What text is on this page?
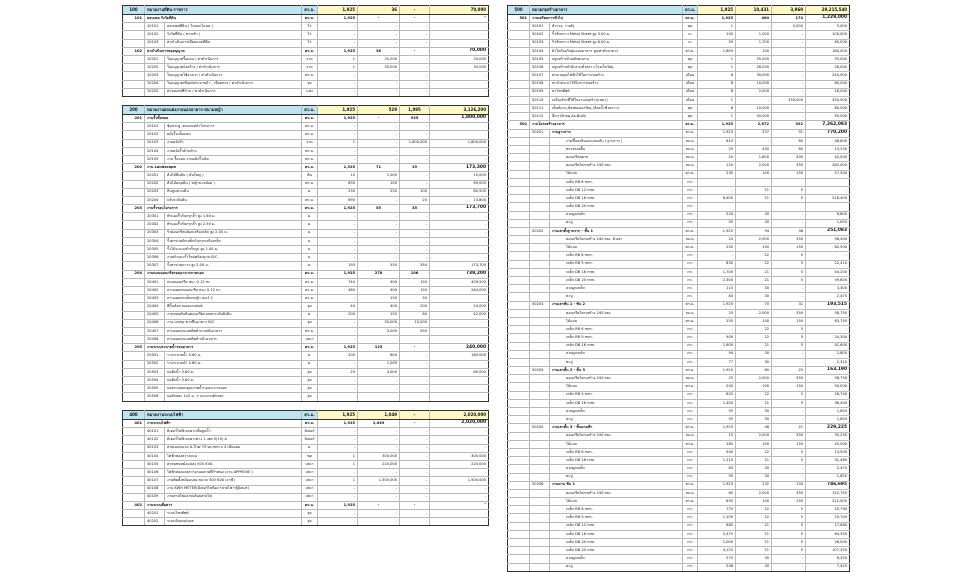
100	หมวดงานที่ดิน-ราชการ		ตร.ม.	1,925	36	-	70,000
101	สอบเขต รังวัดที่ดิน		ตร.ม.	1,925	-	-	-
	10101	สอบเขตที่ดิน ( ไม่ออกโฉนด )	ไร่	-	-	-	-
	10102	รังวัดที่ดิน ( ทางเท้า )	ไร่	-	-	-	-
	10103	ค่าดำเนินการเขียนแบบที่ดิน	ไร่	-	-	-	-
102	ค่าดำเนินการขออนุญาต		ตร.ม.	1,925	36	-	70,000
	10201	ใบอนุญาตรื้อถอน / ค่าดำเนินการ	งาน	1	20,000	-	20,000
	10202	ใบอนุญาตก่อสร้าง / ค่าดำเนินการ	งาน	1	50,000	-	50,000
	10203	ใบอนุญาตใช้อาคาร / ค่าดำเนินการ	ตร.ม.	-	-	-	-
	10204	ใบอนุญาตเชื่อมท่อระบายน้ำ , เชื่อมทาง / ค่าดำเนินการ	จุด	-	-	-	-
	10205	ค่าขอเลขที่บ้าน / ค่าดำเนินการ	แห่ง	-	-	-	-
200	หมวดงานตกแต่งภายนอกอาคาร-สนามหญ้า		ตร.ม.	1,925	529	1,095	3,126,200
201	งานรั้วทั้งหมด		ตร.ม.	1,925	-	935	1,800,000
	20101	ซุ้มประตู ,ตกแต่งหน้าโครงการ	ตร.ม.	-	-	-	-
	20102	ผนังรั้วบล็อกลม	ตร.ม.	-	-	-	-
	20103	งานผนังรั้ว	งาน	1	-	1,800,000	1,800,000
	20104	งานผนังรั้วด้านข้าง	ตร.ม.	-	-	-	-
	20105	งาน รื้อถอน งานผนังรั้วเดิม	ตร.ม.	-	-	-	-
202	งาน Landscape		ตร.ม.	1,925	71	19	173,300
	20201	ต้นไม้ยืนต้น ( ต้นใหญ่ )	ต้น	10	1,000	-	10,000
	20202	ต้นไม้คลุมดิน ( หญ้านวลน้อย )	ตร.ม.	690	100	-	69,000
	20203	หินปูนทางเดิน	ม.	230	250	100	80,500
	20204	ปรับระดับดิน	ตร.ม.	690	-	20	13,800
203	งานรั้วรอบโครงการ		ตร.ม.	1,925	55	35	173,700
	20301	ทำแผงรั้วกันกรุกล้ำ สูง 1.60 ม.	ม.	-	-	-	-
	20302	ทำแผงรั้วกันกรุกล้ำ สูง 2.50 ม.	ม.	-	-	-	-
	20303	รั้วคอนกรีตบล็อกเสริมเหล็ก สูง 2.00 ม.	ม.	-	-	-	-
	20304	รั้วตาข่ายถักเหล็กกันกรุกเสริมเหล็ก	ม.	-	-	-	-
	20305	รั้วไม้ระแนงสำเร็จรูป สูง 2.00 ม.	ม.	-	-	-	-
	20306	งานทำแนวรั้วใหม่พร้อมฐาน B/C	ม.	-	-	-	-
	20307	รั้วตาข่ายถาวร สูง 2.00 ม.	ม.	193	550	350	173,700
204	งานถนนคอนกรีตรอบอาคารภายนอก		ตร.ม.	1,925	278	106	739,200
	20401	ถนนคอนกรีต หนา 0.12 m.	ตร.ม.	744	400	150	409,200
	20402	ลานจอดรถคอนกรีต หนา 0.12 m.	ตร.ม.	480	400	150	264,000
	20403	ลานจอดรถบล็อกหญ้า เบอร์ 2	ตร.ม.	-	150	50	-
	20404	ที่กั้นล้อลานจอดรถยนต์	จุด	40	400	200	24,000
	20405	งานขอบคันหินคอนกรีตแบบยกระดับฝังดิน	ม.	200	150	60	42,000
	20406	งาน Lamp ทางขึ้นอาคาร B/C	จุด	-	35,000	15,000	-
	20407	ลานจอดรถแอสฟัลท์ ทางหลังอาคาร	ตร.ม.	-	3,000	550	-
	20408	ลานจอดรถแอสฟัลท์ หน้าอาคาร	เหมา	-			
205	งานระบบระบายน้ำรอบอาคาร		ตร.ม.	1,925	125	-	240,000
	20501	รางระบายน้ำ 0.60 ม.	ม.	200	800	-	160,000
	20502	รางระบายน้ำ 0.80 ม.	ม.	-	1,000	-	-
	20503	บ่อพักน้ำ 0.60 ม.	จุด	20	4,000	-	80,000
	20504	บ่อพักน้ำ 0.80 ม.	จุด	-	-	-	-
	20505	บ่อตรวจสอบคุณภาพน้ำก่อนระบายออก	จุด	-	-	-	-
	20506	บ่อดักขยะ 1x2 ม. + ตะแกรงดักขยะ	จุด				
400	หมวดงานระบบไฟฟ้า		ตร.ม.	1,925	1,049	-	2,020,000
401	งานระบบไฟฟ้า		ตร.ม.	1,925	1,049	-	2,020,000
	40101	มิเตอร์ไฟฟ้าเฉพาะเพื่อสูบน้ำ	มิเตอร์	-	-	-	-
	40102	มิเตอร์ไฟฟ้าเฉพาะทาง 1 เฟส 5(15) A	มิเตอร์	-	-	-	-
	40103	สายเมนขนาด A-Thw 70 sq.mm x 4 เส้นลอย	ม.	-	-	-	-
	40104	ไฟฟ้าส่องสว่างถนน	ชุด	1	300,000	-	300,000
	40105	ค่าสมทบหม้อแปลง 500 KVA	เหมา	1	220,000	-	220,000
	40106	ไฟฟ้าส่องแสงสว่างถนนตามที่กำหนด (งาน APPROVE )	เหมา	-	-	-	-
	40107	งานติดตั้งหม้อแปลง ขนาด 500 KVA (ภาษี)	เหมา	1	1,500,000	-	1,500,000
	40108	งาน KWH METER(มิเตอร์ไฟฟ้อง+สายไฟ+ตู้มิเตอร์)	เหมา	-	-	-	-
	40109	งานสายไฟและท่อร้อยสายไฟ	เหมา	-	-	-	-
402	งานระบบสื่อสาร		ตร.ม.	1,925	-	-	-
	40201	ระบบโทรศัพท์	จุด	-	-	-	-
	40202	ระบบอินเตอร์เนต	จุด	-	-	-	-
500	หมวดก่อสร้างอาคาร		ตร.ม.	1,925	10,431	3,969	29,215,540
501	งานเตรียมการทั่วไป		ตร.ม.	1,925	464	174	1,229,000
	50101	สำรวจ, วางผัง	ชุด	1	-	5,000	5,000
	50102	รั้วชั่วคราว Metal Sheet สูง 3.00 ม.	ม.	100	1,000	-	100,000
	50103	รั้วชั่วคราว Metal Sheet สูง 6.00 ม.	ม.	50	1,700	-	85,000
	50104	ผ้าใบป้องกันฝุ่นรอบอาคาร สูงเท่าตัวอาคาร	ตร.ม.	1,600	100	-	160,000
	50105	ปลูกสร้างบ้านพักคนงาน	ชุด	1	55,000	-	55,000
	50106	ปลูกสร้างสำนักงานชั่วคราว,โรงเก็บวัสดุ	ชุด	1	28,000	-	28,000
	50107	ค่าควบคุมไฟฟ้าใช้ในการก่อสร้าง	เดือน	8	30,000	-	240,000
	50108	ค่าน้ำประปาใช้ในการก่อสร้าง	เดือน	8	10,000	-	80,000
	50109	ค่าโทรศัพท์	เดือน	8	2,000	-	16,000
	50110	เครื่องจักรที่ใช้ในงานก่อสร้าง(เหมา)	เดือน	1	-	330,000	330,000
	50111	เต็นท์งาน,ห้องทดลองวัสดุ (ห้องน้ำชั่วคราว)	ชุด	8	10,000	-	80,000
	50112	อื่นๆ (Shop,As-Built)	ชุด	1	50,000	-	50,000
502	งานโครงสร้างอาคาร		ตร.ม.	1,925	2,672	922	7,262,083
	50201	งานฐานราก	ตร.ม.	1,925	257	91	770,200
		งานขึ้นลงดินและถมกลับ ( ฐานราก )	ลบ.ม.	610	-	80	48,800
		ทรายรองพื้น	ลบ.ม.	25	450	80	13,250
		คอนกรีตหยาบ	ลบ.ม.	20	1,800	300	42,000
		คอนกรีตโครงสร้าง 240 ksc.	ลบ.ม.	120	2,000	350	282,000
		ไม้แบบ	ตร.ม.	230	100	150	57,500
		เหล็ก RB 6 mm.	กก.				
		เหล็ก DB 12 mm.	กก.	-	21	5	-
		เหล็ก DB 16 mm.	กก.	8,400	21	5	218,400
		เหล็ก DB 20 mm.	กก.				
		ลวดผูกเหล็ก	กก.	220	30	-	6,600
		ตะปู	กก.	55	30	-	1,650
	50202	งานเสาตั้งฐานราก - ชั้น 1	ตร.ม.	1,925	94	36	251,083
		คอนกรีตโครงสร้าง 240 ksc. ผิวเสา	ลบ.ม.	24	2,000	350	56,400
		ไม้แบบ	ตร.ม.	250	100	150	62,500
		เหล็ก RB 6 mm.	กก.	-	22	5	-
		เหล็ก RB 9 mm.	กก.	830	22	5	22,410
		เหล็ก DB 16 mm.	กก.	1,700	21	5	44,200
		เหล็ก DB 20 mm.	กก.	2,300	21	5	59,800
		ลวดผูกเหล็ก	กก.	110	30	-	3,300
		ตะปู	กก.	83	30	-	2,475
	50203	งานเสาชั้น 1 - ชั้น 2	ตร.ม.	1,925	70	31	193,515
		คอนกรีตโครงสร้าง 240 ksc.	ลบ.ม.	25	2,000	350	58,750
		ไม้แบบ	ตร.ม.	255	100	150	63,750
		เหล็ก RB 6 mm.	กก.	-	22	5	-
		เหล็ก RB 9 mm.	กก.	900	22	5	24,300
		เหล็ก DB 16 mm.	กก.	1,600	21	5	41,600
		ลวดผูกเหล็ก	กก.	94	30	-	2,805
		ตะปู	กก.	77	30	-	2,310
	50204	งานเสาชั้น 2 - ชั้น 3	ตร.ม.	1,925	60	25	163,190
		คอนกรีตโครงสร้าง 240 ksc.	ลบ.ม.	25	2,000	350	58,750
		ไม้แบบ	ตร.ม.	200	100	150	50,000
		เหล็ก RB 9 mm.	กก.	620	22	5	16,740
		เหล็ก DB 16 mm.	กก.	1,400	21	5	36,400
		ลวดผูกเหล็ก	กก.	55	30	-	1,650
		ตะปู	กก.	55	30	-	1,650
	50205	งานเสาชั้น 3 - ชั้นดาดฟ้า	ตร.ม.	1,925	46	21	229,225
		คอนกรีตโครงสร้าง 240 ksc.	ลบ.ม.	15	2,000	350	35,250
		ไม้แบบ	ตร.ม.	180	100	150	45,000
		เหล็ก RB 6 mm.	กก.	500	22	5	13,500
		เหล็ก DB 16 mm.	กก.	1,210	21	5	31,460
		ลวดผูกเหล็ก	กก.	83	30	-	2,475
		ตะปู	กก.	55	30	-	1,650
	50206	งานคาน ชั้น 1	ตร.ม.	1,925	232	104	746,695
		คอนกรีตโครงสร้าง 240 ksc.	ลบ.ม.	65	2,000	350	152,750
		ไม้แบบ	ตร.ม.	850	100	150	212,500
		เหล็ก RB 6 mm.	กก.	770	22	5	20,790
		เหล็ก RB 9 mm.	กก.	1,100	22	5	29,700
		เหล็ก DB 12 mm.	กก.	680	21	5	17,680
		เหล็ก DB 16 mm.	กก.	2,475	21	5	64,350
		เหล็ก DB 20 mm.	กก.	1,000	21	5	26,000
		เหล็ก DB 25 mm.	กก.	4,125	21	5	107,250
		ลวดผูกเหล็ก	กก.	275	30	-	8,250
		ตะปู	กก.	248	30	-	7,425
